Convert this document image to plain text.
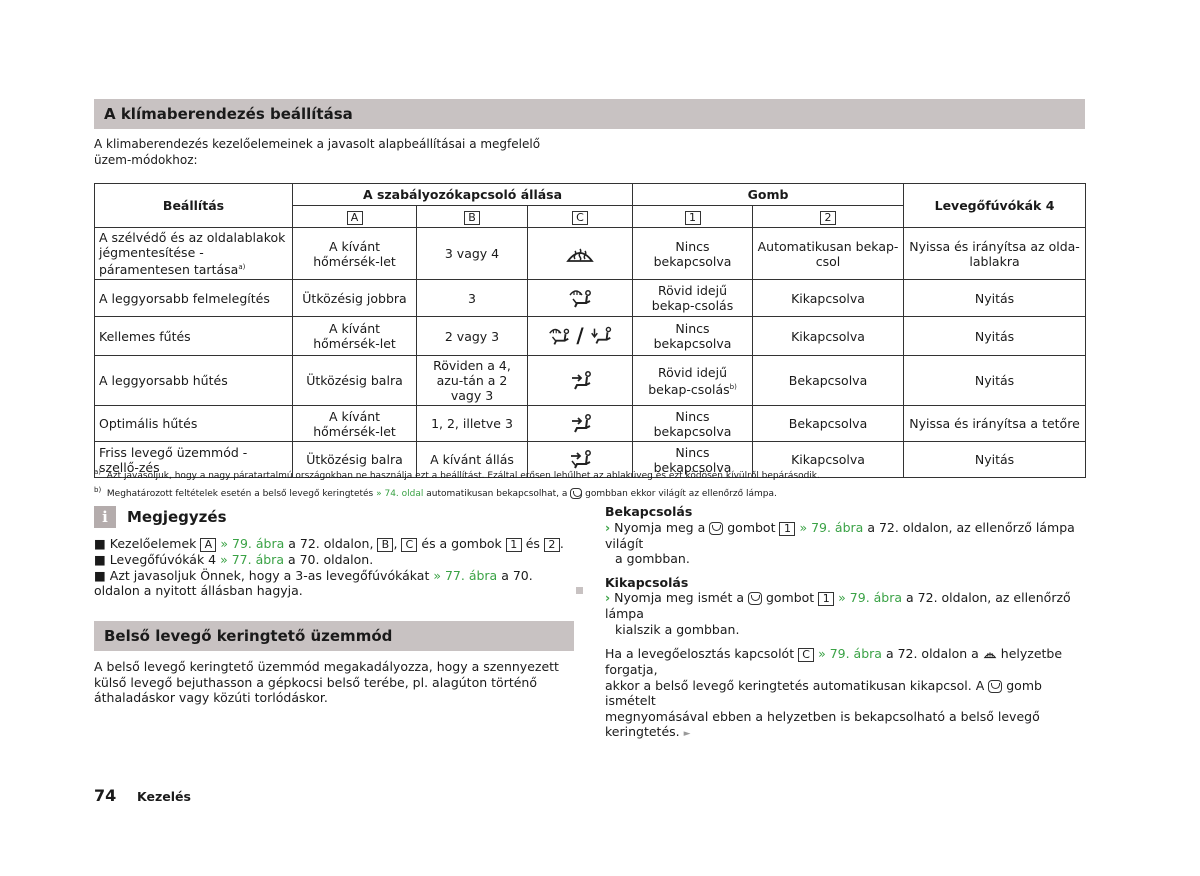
A klímaberendezés beállítása
A klimaberendezés kezelőelemeinek a javasolt alapbeállításai a megfelelő üzem-módokhoz:
Beállítás	A szabályozókapcsoló állása			Gomb		Levegőfúvókák 4
	A	B	C	1	2	
A szélvédő és az oldalablakok jégmentesítése - páramentesen tartása$^{a)}$	A kívánt hőmérsék-let	3 vagy 4		Nincs bekapcsolva	Automatikusan bekap-csol	Nyissa és irányítsa az olda-lablakra
A leggyorsabb felmelegítés	Ütközésig jobbra	3		Rövid idejű bekap-csolás	Kikapcsolva	Nyitás
Kellemes fűtés	A kívánt hőmérsék-let	2 vagy 3	/	Nincs bekapcsolva	Kikapcsolva	Nyitás
A leggyorsabb hűtés	Ütközésig balra	Röviden a 4, azu-tán a 2 vagy 3		Rövid idejű bekap-csolás$^{b)}$	Bekapcsolva	Nyitás
Optimális hűtés	A kívánt hőmérsék-let	1, 2, illetve 3		Nincs bekapcsolva	Bekapcsolva	Nyissa és irányítsa a tetőre
Friss levegő üzemmód - szellő-zés	Ütközésig balra	A kívánt állás		Nincs bekapcsolva	Kikapcsolva	Nyitás
$^{a)}$ Azt javasoljuk, hogy a nagy páratartalmú országokban ne használja ezt a beállítást. Ezáltal erősen lehűlhet az ablaküveg és ezt ködösen kívülről bepárásodik.
$^{b)}$ Meghatározott feltételek esetén a belső levegő keringtetés » 74. oldal automatikusan bekapcsolhat, a gombban ekkor világít az ellenőrző lámpa.
i	Megjegyzés
■ Kezelőelemek A » 79. ábra a 72. oldalon, B , C és a gombok 1 és 2 .
■ Levegőfúvókák 4 » 77. ábra a 70. oldalon.
■ Azt javasoljuk Önnek, hogy a 3-as levegőfúvókákat » 77. ábra a 70. oldalon a nyitott állásban hagyja.
Belső levegő keringtető üzemmód
A belső levegő keringtető üzemmód megakadályozza, hogy a szennyezett külső levegő bejuthasson a gépkocsi belső terébe, pl. alagúton történő áthaladáskor vagy közúti torlódáskor.
Bekapcsolás
› Nyomja meg a gombot 1 » 79. ábra a 72. oldalon, az ellenőrző lámpa világít
a gombban.
Kikapcsolás
› Nyomja meg ismét a gombot 1 » 79. ábra a 72. oldalon, az ellenőrző lámpa
kialszik a gombban.
Ha a levegőelosztás kapcsolót C » 79. ábra a 72. oldalon a helyzetbe forgatja,
akkor a belső levegő keringtetés automatikusan kikapcsol. A gomb ismételt
megnyomásával ebben a helyzetben is bekapcsolható a belső levegő keringtetés. ►
74 Kezelés
